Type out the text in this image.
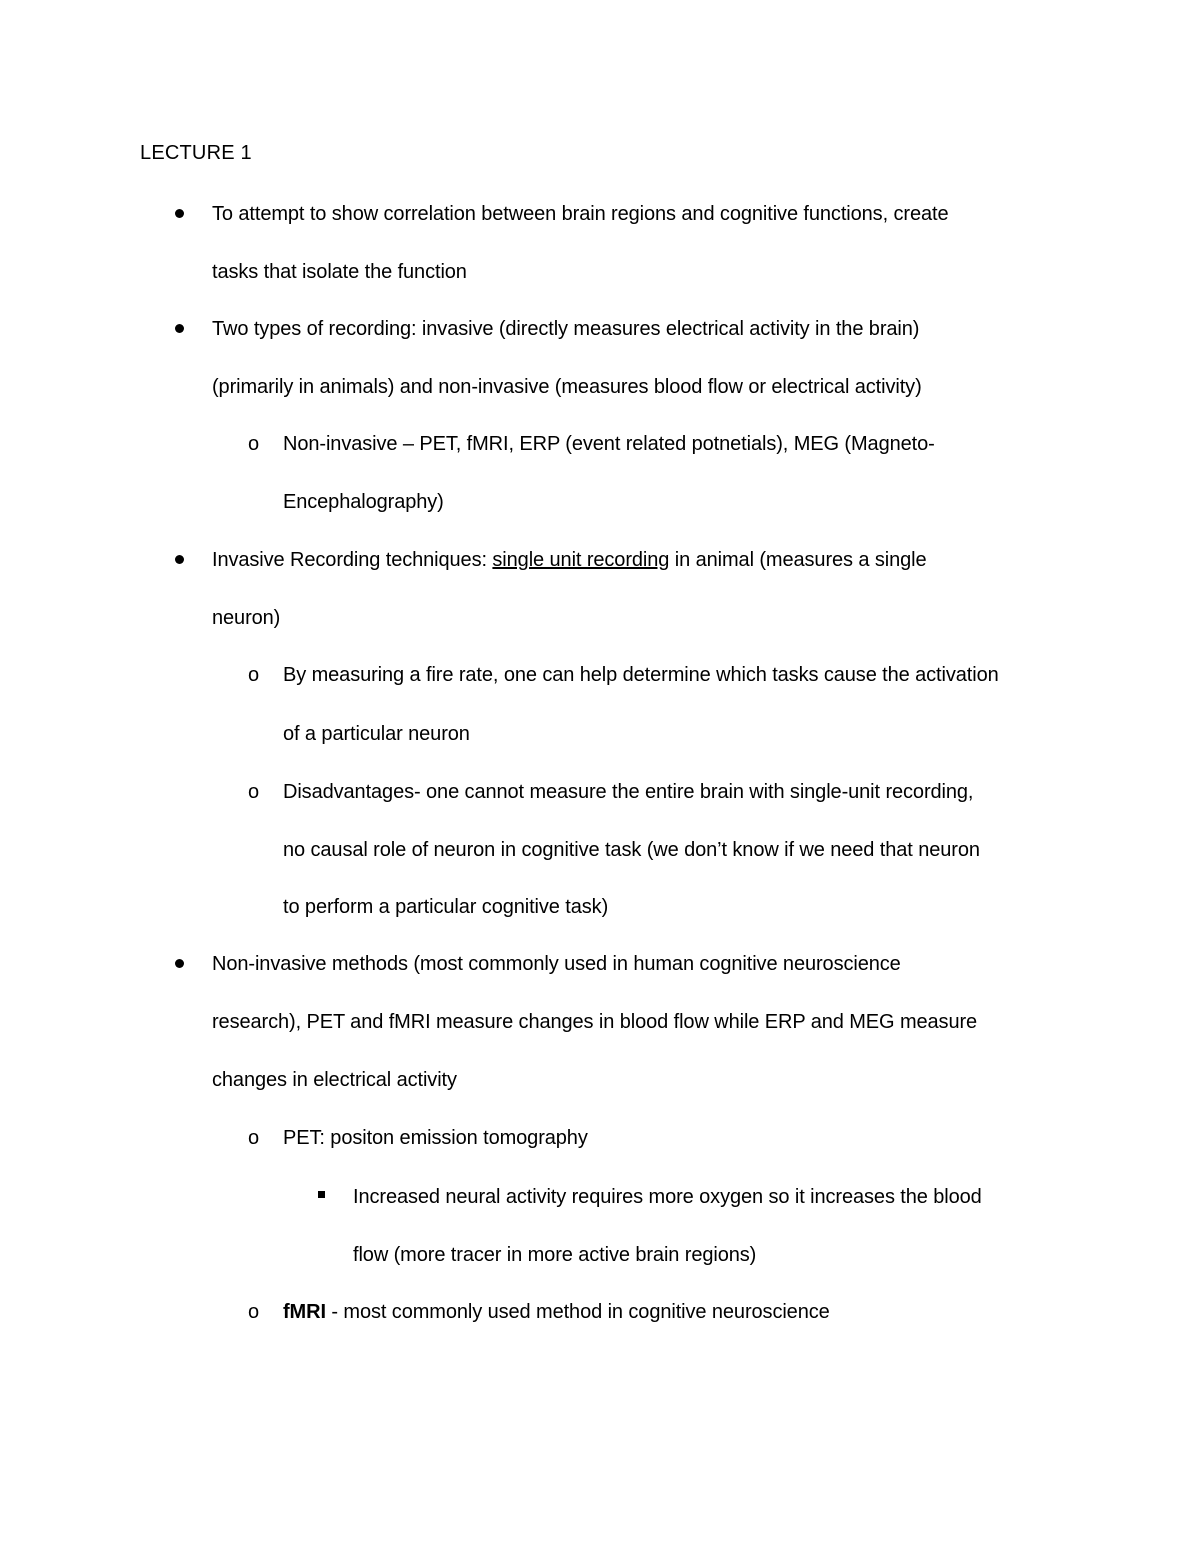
LECTURE 1
To attempt to show correlation between brain regions and cognitive functions, create
tasks that isolate the function
Two types of recording: invasive (directly measures electrical activity in the brain)
(primarily in animals) and non-invasive (measures blood flow or electrical activity)
o Non-invasive – PET, fMRI, ERP (event related potnetials), MEG (Magneto-
Encephalography)
Invasive Recording techniques: single unit recording in animal (measures a single
neuron)
o By measuring a fire rate, one can help determine which tasks cause the activation
of a particular neuron
o Disadvantages- one cannot measure the entire brain with single-unit recording,
no causal role of neuron in cognitive task (we don’t know if we need that neuron
to perform a particular cognitive task)
Non-invasive methods (most commonly used in human cognitive neuroscience
research), PET and fMRI measure changes in blood flow while ERP and MEG measure
changes in electrical activity
o PET: positon emission tomography
Increased neural activity requires more oxygen so it increases the blood
flow (more tracer in more active brain regions)
o fMRI - most commonly used method in cognitive neuroscience
